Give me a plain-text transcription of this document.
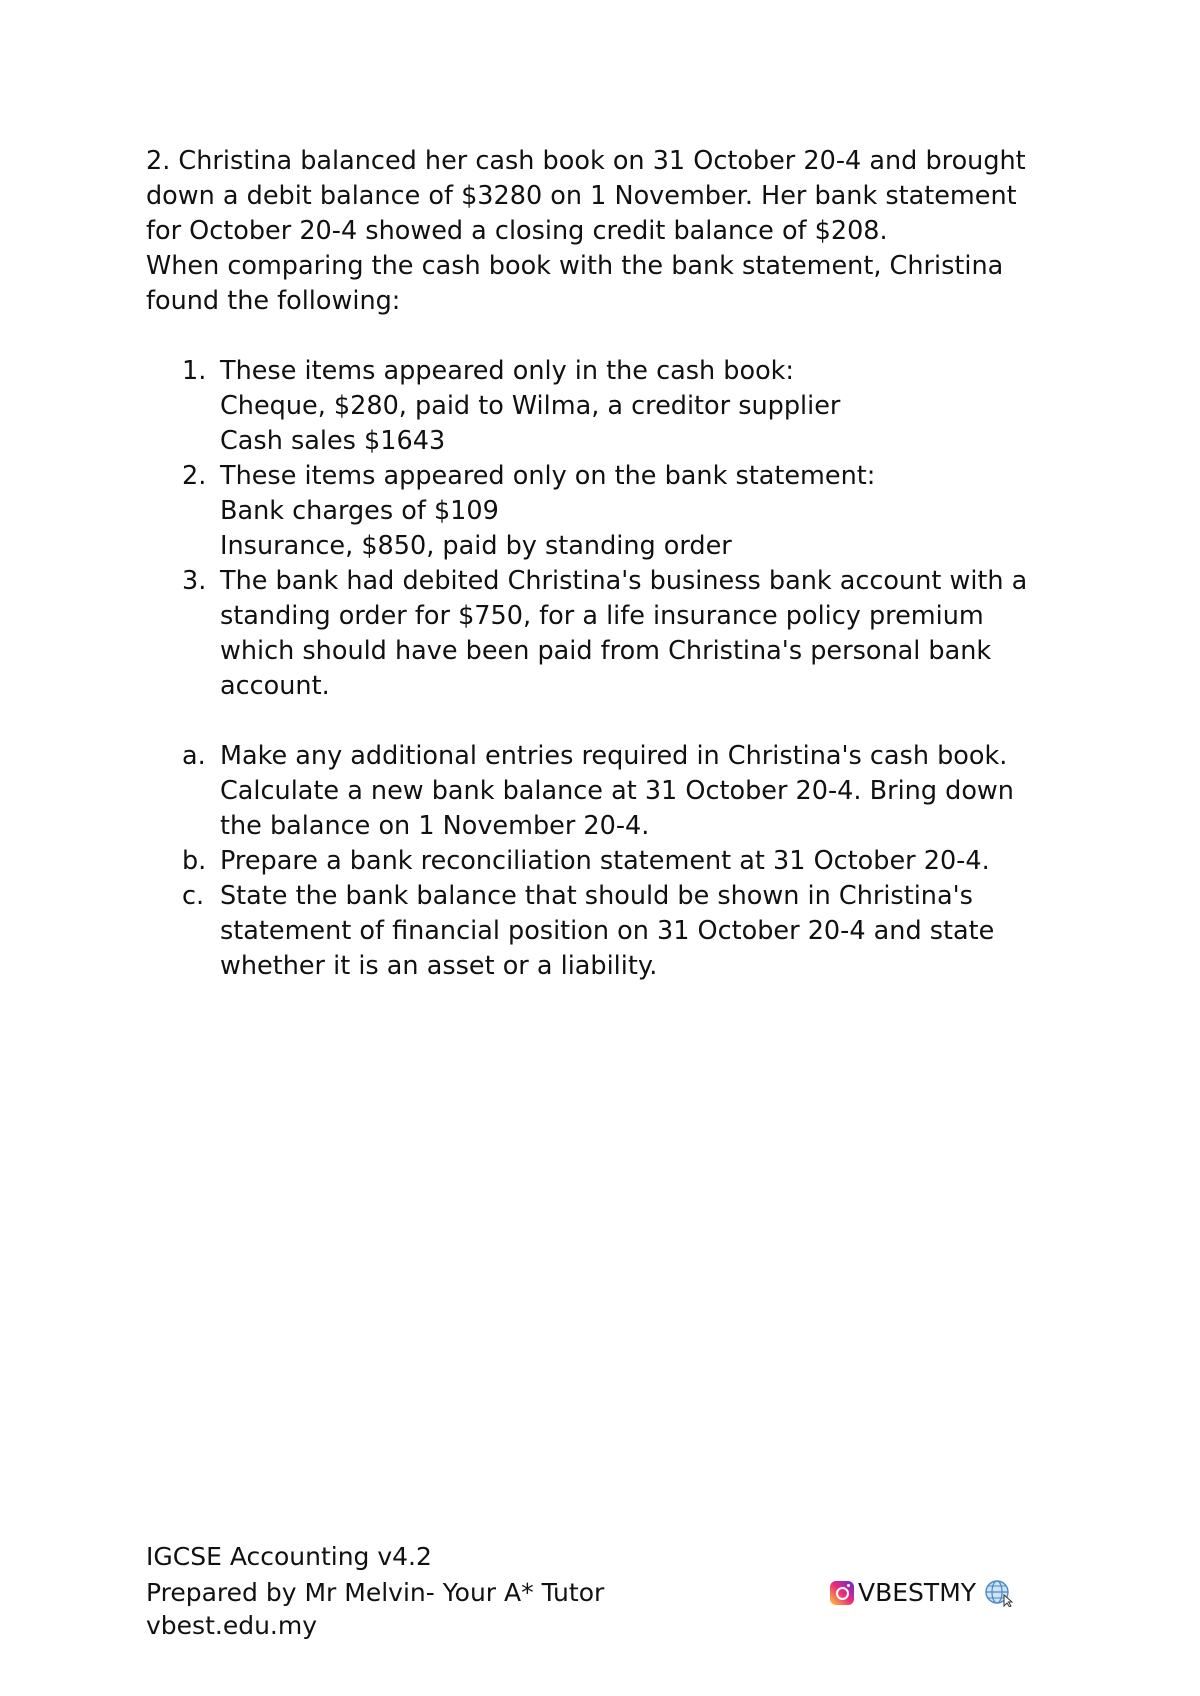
2. Christina balanced her cash book on 31 October 20-4 and brought
down a debit balance of $3280 on 1 November. Her bank statement
for October 20-4 showed a closing credit balance of $208.
When comparing the cash book with the bank statement, Christina
found the following:

1. These items appeared only in the cash book:
Cheque, $280, paid to Wilma, a creditor supplier
Cash sales $1643
2. These items appeared only on the bank statement:
Bank charges of $109
Insurance, $850, paid by standing order
3. The bank had debited Christina's business bank account with a
standing order for $750, for a life insurance policy premium
which should have been paid from Christina's personal bank
account.
a. Make any additional entries required in Christina's cash book.
Calculate a new bank balance at 31 October 20-4. Bring down
the balance on 1 November 20-4.
b. Prepare a bank reconciliation statement at 31 October 20-4.
c. State the bank balance that should be shown in Christina's
statement of financial position on 31 October 20-4 and state
whether it is an asset or a liability.
IGCSE Accounting v4.2
Prepared by Mr Melvin- Your A* Tutor
vbest.edu.my
VBESTMY
